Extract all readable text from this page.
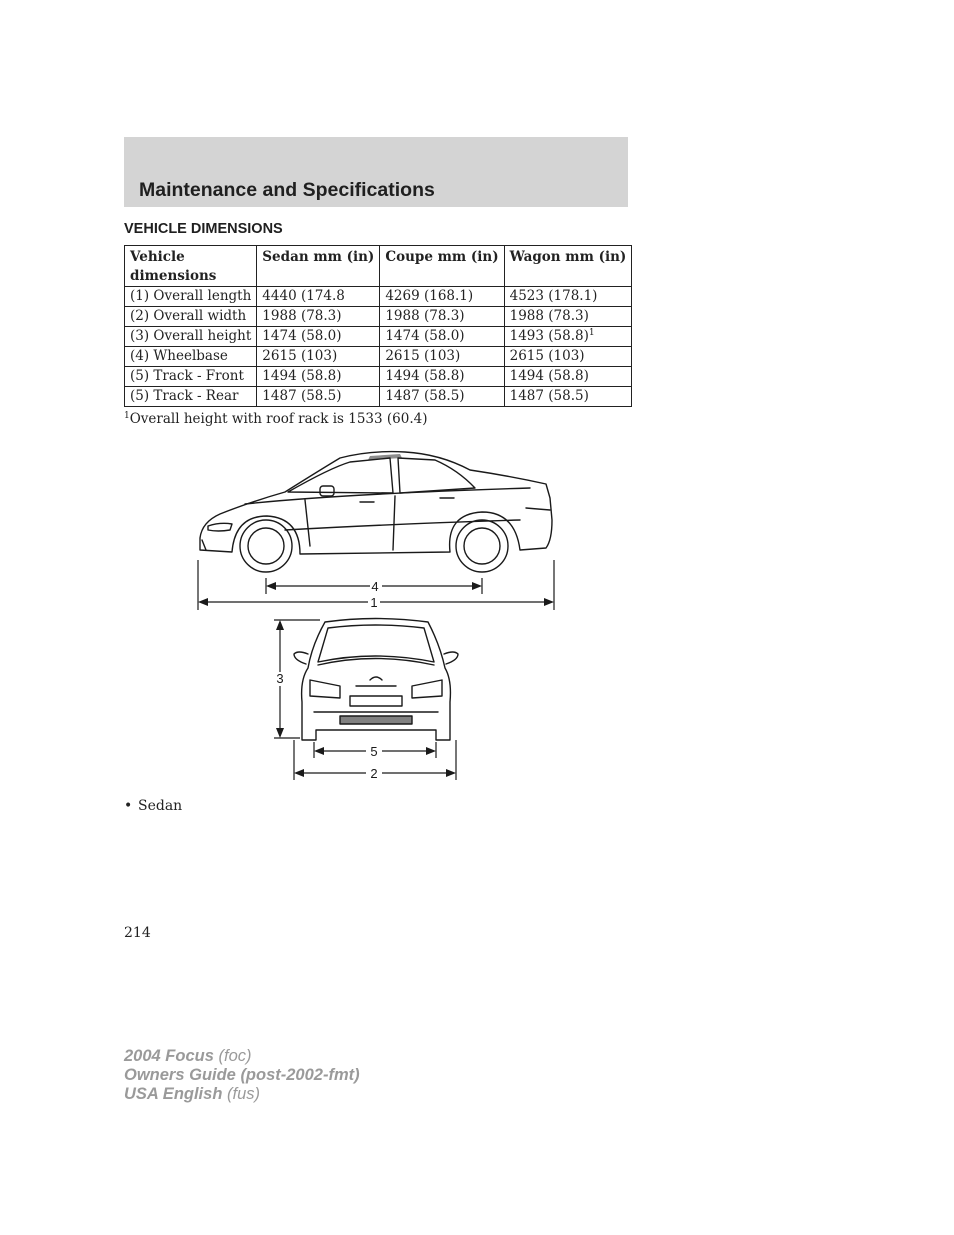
Maintenance and Specifications
VEHICLE DIMENSIONS
Vehicle
dimensions	Sedan mm (in)	Coupe mm (in)	Wagon mm (in)
(1) Overall length	4440 (174.8	4269 (168.1)	4523 (178.1)
(2) Overall width	1988 (78.3)	1988 (78.3)	1988 (78.3)
(3) Overall height	1474 (58.0)	1474 (58.0)	1493 $(58.8)^1$
(4) Wheelbase	2615 (103)	2615 (103)	2615 (103)
(5) Track - Front	1494 (58.8)	1494 (58.8)	1494 (58.8)
(5) Track - Rear	1487 (58.5)	1487 (58.5)	1487 (58.5)
$^1$Overall height with roof rack is 1533 (60.4)
4
1
3
5
2
• Sedan
214
2004 Focus (foc)
Owners Guide (post-2002-fmt)
USA English (fus)
